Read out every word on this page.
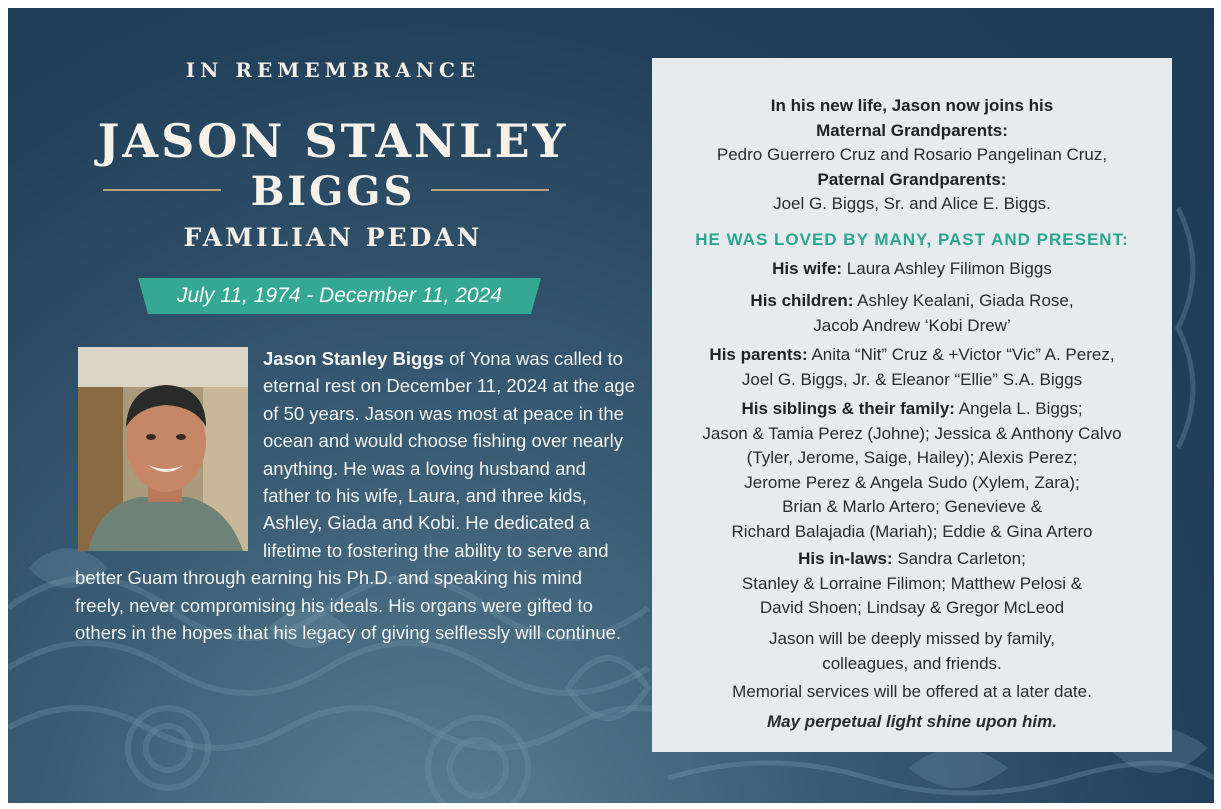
IN REMEMBRANCE
JASON STANLEY
BIGGS
FAMILIAN PEDAN
July 11, 1974 - December 11, 2024
Jason Stanley Biggs of Yona was called to eternal rest on December 11, 2024 at the age of 50 years. Jason was most at peace in the ocean and would choose fishing over nearly anything. He was a loving husband and father to his wife, Laura, and three kids, Ashley, Giada and Kobi. He dedicated a lifetime to fostering the ability to serve and better Guam through earning his Ph.D. and speaking his mind freely, never compromising his ideals. His organs were gifted to others in the hopes that his legacy of giving selflessly will continue.
In his new life, Jason now joins his
Maternal Grandparents:
Pedro Guerrero Cruz and Rosario Pangelinan Cruz,
Paternal Grandparents:
Joel G. Biggs, Sr. and Alice E. Biggs.
HE WAS LOVED BY MANY, PAST AND PRESENT:
His wife: Laura Ashley Filimon Biggs
His children: Ashley Kealani, Giada Rose,
Jacob Andrew ‘Kobi Drew’
His parents: Anita “Nit” Cruz & +Victor “Vic” A. Perez,
Joel G. Biggs, Jr. & Eleanor “Ellie” S.A. Biggs
His siblings & their family: Angela L. Biggs;
Jason & Tamia Perez (Johne); Jessica & Anthony Calvo
(Tyler, Jerome, Saige, Hailey); Alexis Perez;
Jerome Perez & Angela Sudo (Xylem, Zara);
Brian & Marlo Artero; Genevieve &
Richard Balajadia (Mariah); Eddie & Gina Artero
His in-laws: Sandra Carleton;
Stanley & Lorraine Filimon; Matthew Pelosi &
David Shoen; Lindsay & Gregor McLeod
Jason will be deeply missed by family,
colleagues, and friends.
Memorial services will be offered at a later date.
May perpetual light shine upon him.
